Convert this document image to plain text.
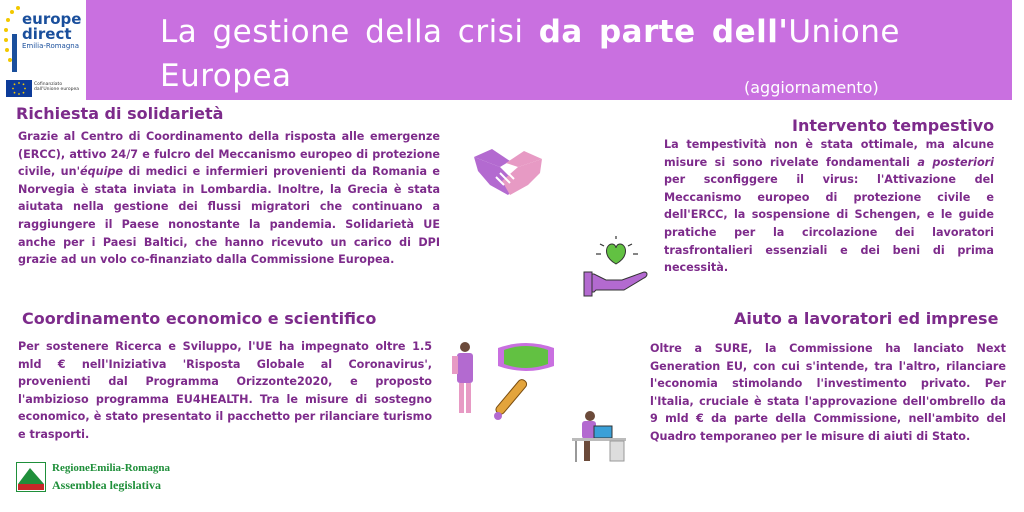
europe
direct
Emilia-Romagna
Cofinanziato dall'Unione europea
La gestione della crisi da parte dell'Unione
Europea	(aggiornamento)
Richiesta di solidarietà
Grazie al Centro di Coordinamento della risposta alle emergenze (ERCC), attivo 24/7 e fulcro del Meccanismo europeo di protezione civile, un'équipe di medici e infermieri provenienti da Romania e Norvegia è stata inviata in Lombardia. Inoltre, la Grecia è stata aiutata nella gestione dei flussi migratori che continuano a raggiungere il Paese nonostante la pandemia. Solidarietà UE anche per i Paesi Baltici, che hanno ricevuto un carico di DPI grazie ad un volo co-finanziato dalla Commissione Europea.
Intervento tempestivo
La tempestività non è stata ottimale, ma alcune misure si sono rivelate fondamentali a posteriori per sconfiggere il virus: l'Attivazione del Meccanismo europeo di protezione civile e dell'ERCC, la sospensione di Schengen, e le guide pratiche per la circolazione dei lavoratori trasfrontalieri essenziali e dei beni di prima necessità.
Coordinamento economico e scientifico
Per sostenere Ricerca e Sviluppo, l'UE ha impegnato oltre 1.5 mld € nell'Iniziativa 'Risposta Globale al Coronavirus', provenienti dal Programma Orizzonte2020, e proposto l'ambizioso programma EU4HEALTH. Tra le misure di sostegno economico, è stato presentato il pacchetto per rilanciare turismo e trasporti.
Aiuto a lavoratori ed imprese
Oltre a SURE, la Commissione ha lanciato Next Generation EU, con cui s'intende, tra l'altro, rilanciare l'economia stimolando l'investimento privato. Per l'Italia, cruciale è stata l'approvazione dell'ombrello da 9 mld € da parte della Commissione, nell'ambito del Quadro temporaneo per le misure di aiuti di Stato.
RegioneEmilia-Romagna
Assemblea legislativa
